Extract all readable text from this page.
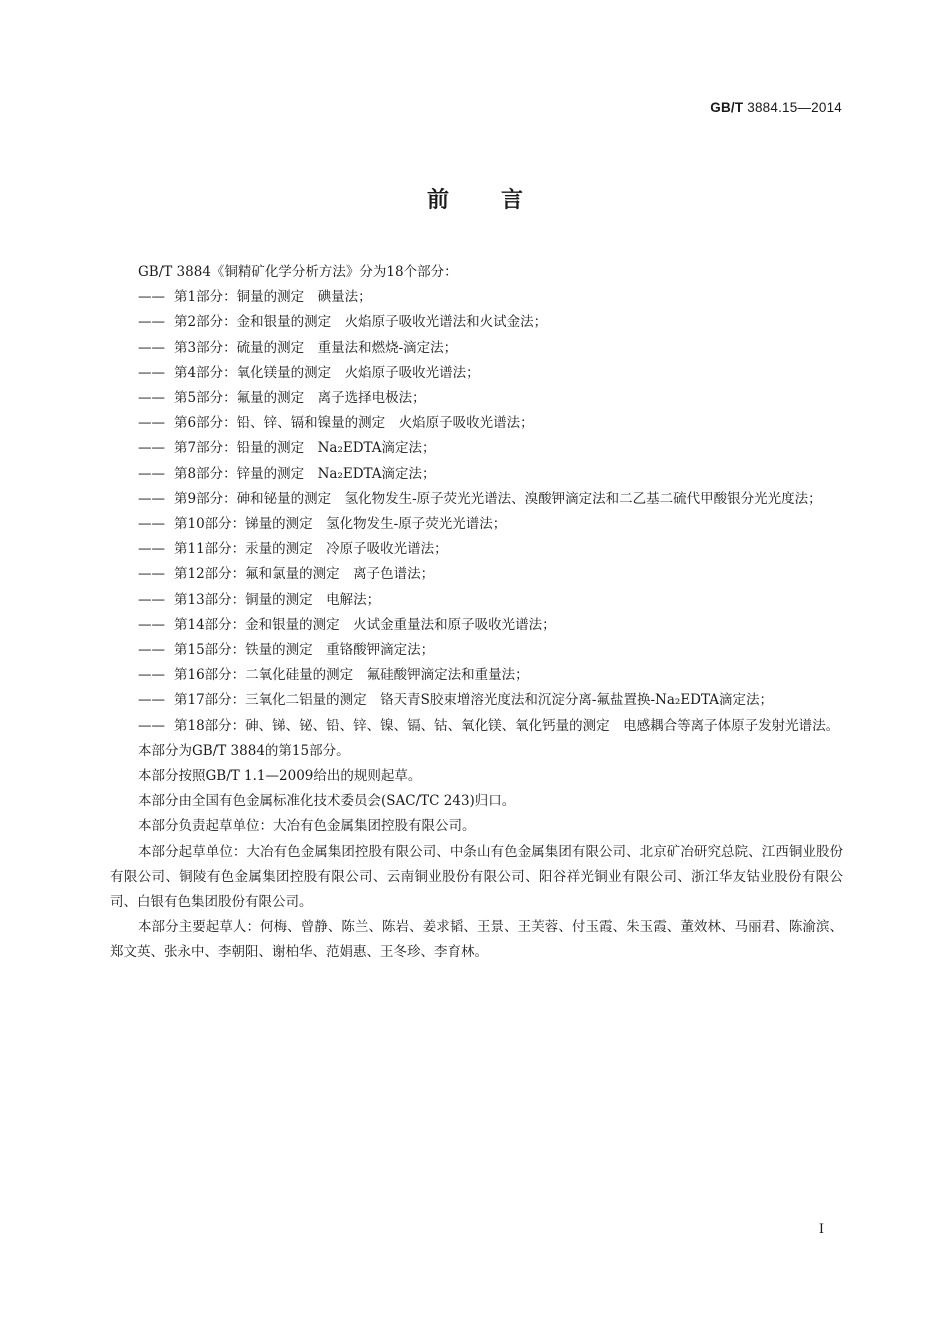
GB/T 3884.15—2014
前言

GB/T 3884《铜精矿化学分析方法》分为18个部分：

—— 第1部分：铜量的测定　碘量法；
—— 第2部分：金和银量的测定　火焰原子吸收光谱法和火试金法；
—— 第3部分：硫量的测定　重量法和燃烧-滴定法；
—— 第4部分：氧化镁量的测定　火焰原子吸收光谱法；
—— 第5部分：氟量的测定　离子选择电极法；
—— 第6部分：铅、锌、镉和镍量的测定　火焰原子吸收光谱法；
—— 第7部分：铅量的测定　Na₂EDTA滴定法；
—— 第8部分：锌量的测定　Na₂EDTA滴定法；
—— 第9部分：砷和铋量的测定　氢化物发生-原子荧光光谱法、溴酸钾滴定法和二乙基二硫代甲酸银分光光度法；
—— 第10部分：锑量的测定　氢化物发生-原子荧光光谱法；
—— 第11部分：汞量的测定　冷原子吸收光谱法；
—— 第12部分：氟和氯量的测定　离子色谱法；
—— 第13部分：铜量的测定　电解法；
—— 第14部分：金和银量的测定　火试金重量法和原子吸收光谱法；
—— 第15部分：铁量的测定　重铬酸钾滴定法；
—— 第16部分：二氧化硅量的测定　氟硅酸钾滴定法和重量法；
—— 第17部分：三氧化二铝量的测定　铬天青S胶束增溶光度法和沉淀分离-氟盐置换-Na₂EDTA滴定法；
—— 第18部分：砷、锑、铋、铅、锌、镍、镉、钴、氧化镁、氧化钙量的测定　电感耦合等离子体原子发射光谱法。

本部分为GB/T 3884的第15部分。

本部分按照GB/T 1.1—2009给出的规则起草。

本部分由全国有色金属标准化技术委员会(SAC/TC 243)归口。

本部分负责起草单位：大冶有色金属集团控股有限公司。

本部分起草单位：大冶有色金属集团控股有限公司、中条山有色金属集团有限公司、北京矿冶研究总院、江西铜业股份有限公司、铜陵有色金属集团控股有限公司、云南铜业股份有限公司、阳谷祥光铜业有限公司、浙江华友钴业股份有限公司、白银有色集团股份有限公司。

本部分主要起草人：何梅、曾静、陈兰、陈岩、姜求韬、王景、王芙蓉、付玉霞、朱玉霞、董效林、马丽君、陈渝滨、郑文英、张永中、李朝阳、谢柏华、范娟惠、王冬珍、李育林。

I
